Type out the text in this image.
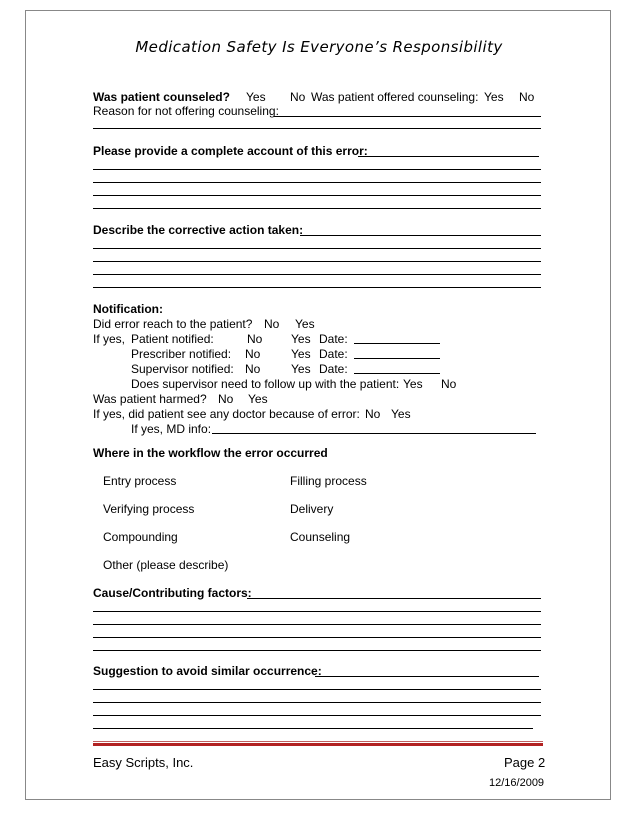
Medication Safety Is Everyone’s Responsibility
Was patient counseled? Yes No Was patient offered counseling: Yes No
Reason for not offering counseling:
Please provide a complete account of this error:
Describe the corrective action taken:
Notification:
Did error reach to the patient? No Yes
If yes, Patient notified:	No Yes Date:
Prescriber notified: No	Yes Date:
Supervisor notified: No	Yes Date:
Does supervisor need to follow up with the patient: Yes No
Was patient harmed? No Yes
If yes, did patient see any doctor because of error: No Yes
If yes, MD info:
Where in the workflow the error occurred
Entry process	Filling process
Verifying process	Delivery
Compounding	Counseling
Other (please describe)
Cause/Contributing factors:
Suggestion to avoid similar occurrence:
Easy Scripts, Inc.	Page 2
12/16/2009
